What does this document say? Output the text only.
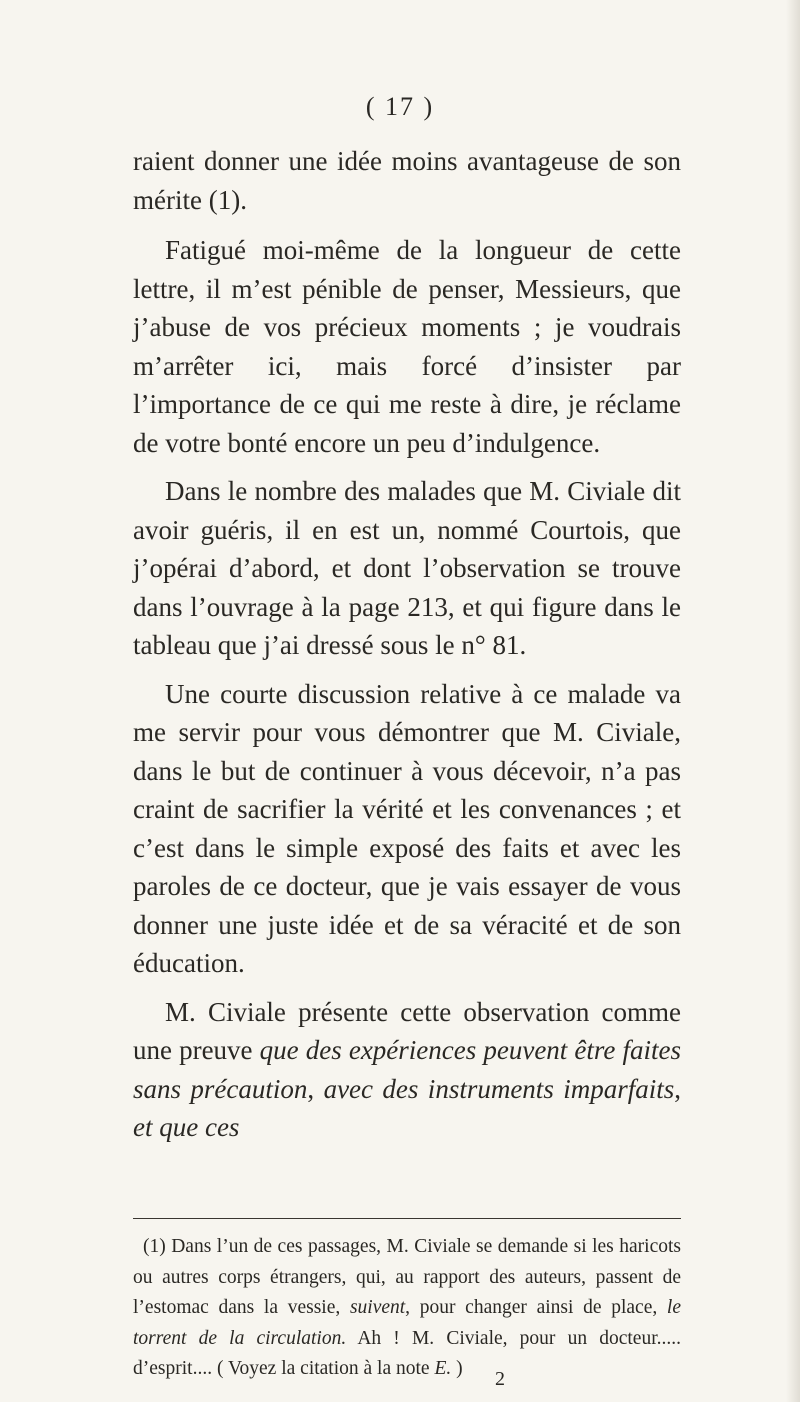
( 17 )

raient donner une idée moins avantageuse de son mérite (1).

Fatigué moi-même de la longueur de cette lettre, il m’est pénible de penser, Messieurs, que j’abuse de vos précieux moments ; je voudrais m’arrêter ici, mais forcé d’insister par l’importance de ce qui me reste à dire, je réclame de votre bonté encore un peu d’indulgence.

Dans le nombre des malades que M. Civiale dit avoir guéris, il en est un, nommé Courtois, que j’opérai d’abord, et dont l’observation se trouve dans l’ouvrage à la page 213, et qui figure dans le tableau que j’ai dressé sous le n° 81.

Une courte discussion relative à ce malade va me servir pour vous démontrer que M. Civiale, dans le but de continuer à vous décevoir, n’a pas craint de sacrifier la vérité et les convenances ; et c’est dans le simple exposé des faits et avec les paroles de ce docteur, que je vais essayer de vous donner une juste idée et de sa véracité et de son éducation.

M. Civiale présente cette observation comme une preuve que des expériences peuvent être faites sans précaution, avec des instruments imparfaits, et que ces

(1) Dans l’un de ces passages, M. Civiale se demande si les haricots ou autres corps étrangers, qui, au rapport des auteurs, passent de l’estomac dans la vessie, suivent, pour changer ainsi de place, le torrent de la circulation. Ah ! M. Civiale, pour un docteur..... d’esprit.... ( Voyez la citation à la note E. )	2
